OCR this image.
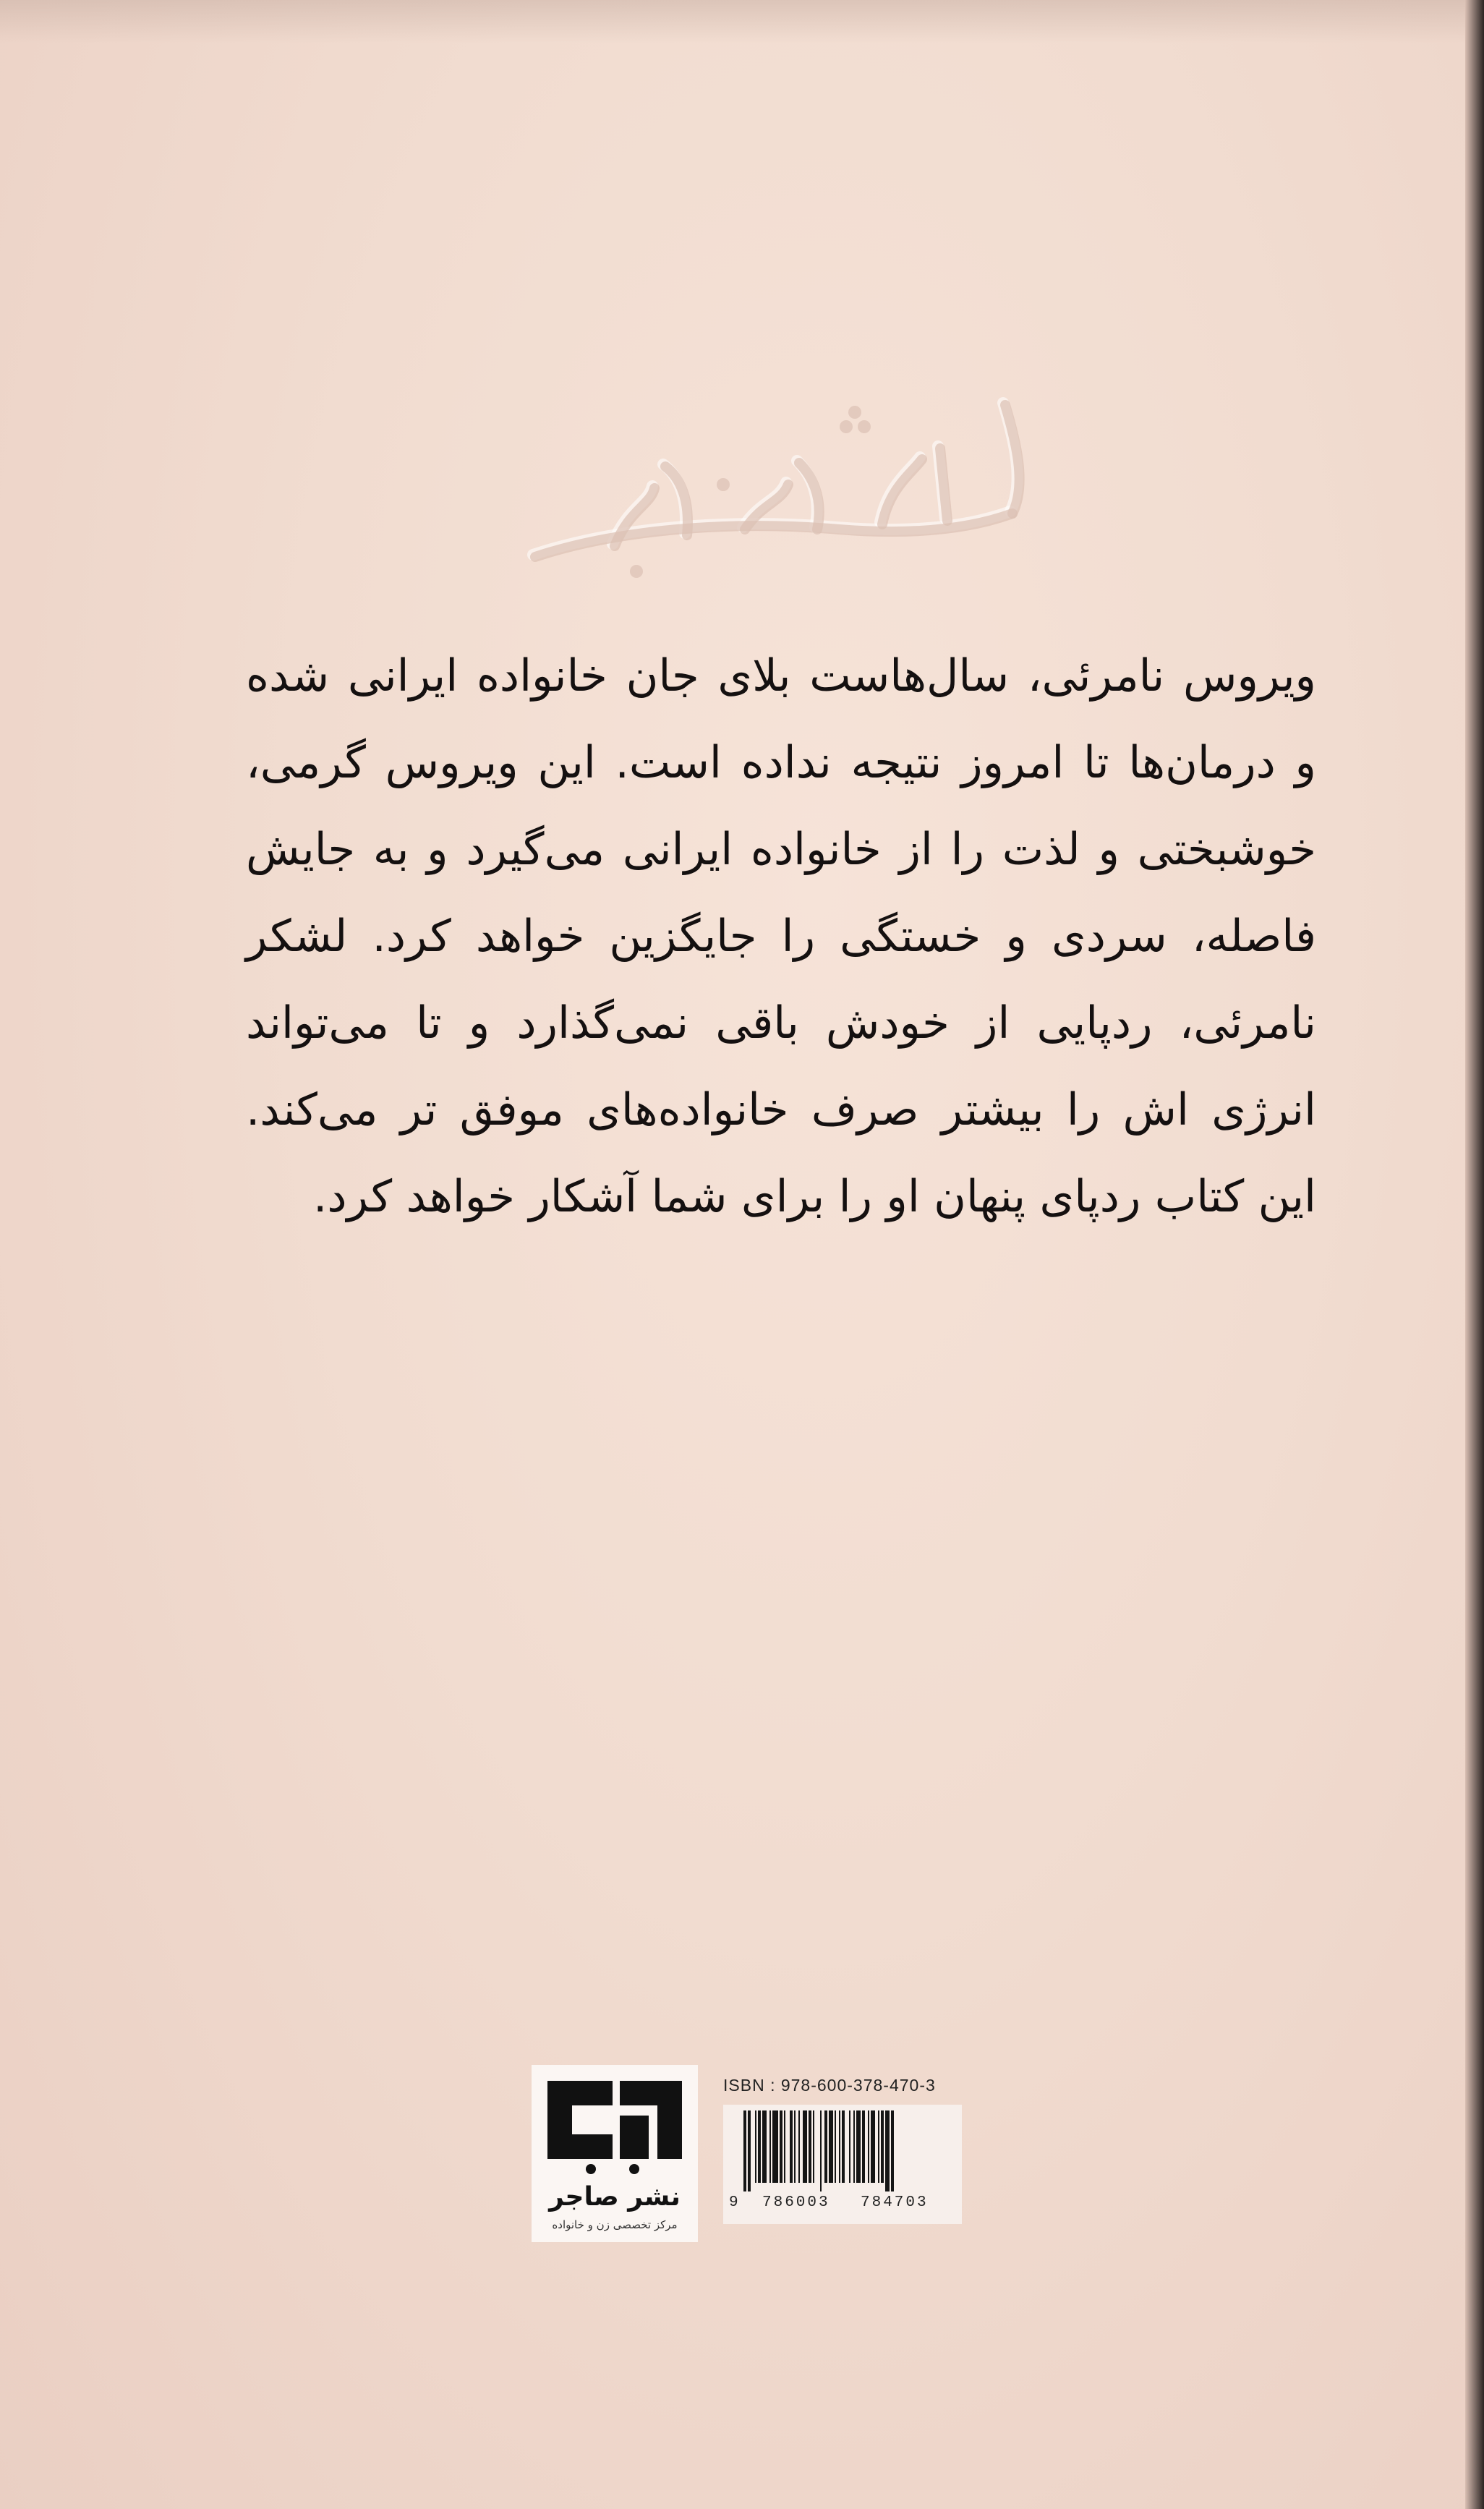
ویروس نامرئی، سال‌هاست بلای جان خانواده ایرانی شده و درمان‌ها تا امروز نتیجه نداده است. این ویروس گرمی، خوشبختی و لذت را از خانواده ایرانی می‌گیرد و به جایش فاصله، سردی و خستگی را جایگزین خواهد کرد. لشکر نامرئی، ردپایی از خودش باقی نمی‌گذارد و تا می‌تواند انرژی اش را بیشتر صرف خانواده‌های موفق تر می‌کند. این کتاب ردپای پنهان او را برای شما آشکار خواهد کرد.

نشر صاجر
مرکز تخصصی زن و خانواده
ISBN : 978-600-378-470-3
9 786003 784703
